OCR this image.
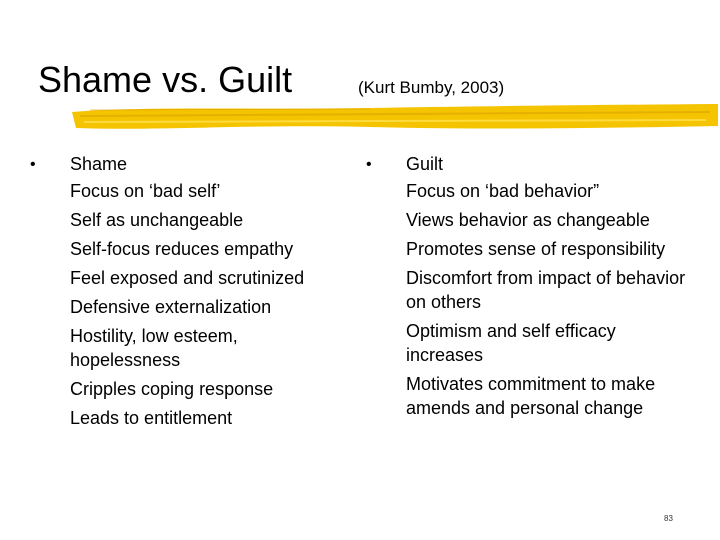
Shame vs. Guilt	(Kurt Bumby, 2003)
• Shame
Focus on ‘bad self’
Self as unchangeable
Self-focus reduces empathy
Feel exposed and scrutinized
Defensive externalization
Hostility, low esteem, hopelessness
Cripples coping response
Leads to entitlement
• Guilt
Focus on ‘bad behavior”
Views behavior as changeable
Promotes sense of responsibility
Discomfort from impact of behavior on others
Optimism and self efficacy increases
Motivates commitment to make amends and personal change
83
